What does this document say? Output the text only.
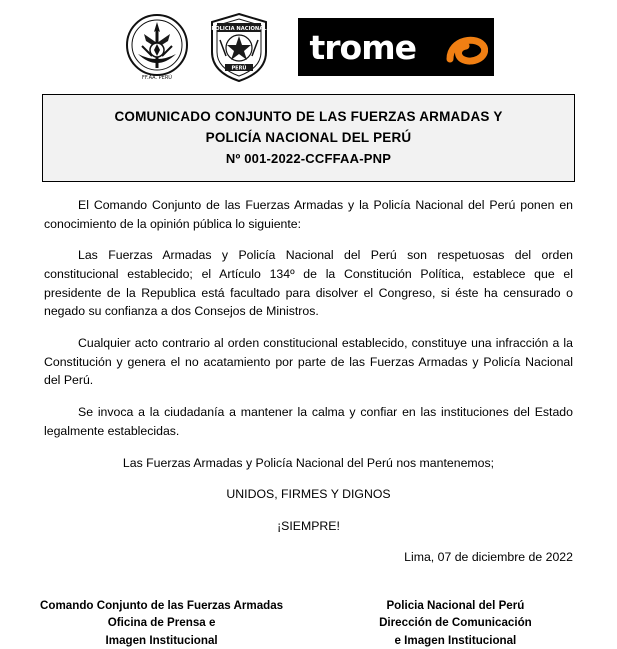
FF.AA. PERÚ
POLICIA NACIONAL
PERÚ
trome
COMUNICADO CONJUNTO DE LAS FUERZAS ARMADAS Y
POLICÍA NACIONAL DEL PERÚ
Nº 001-2022-CCFFAA-PNP

El Comando Conjunto de las Fuerzas Armadas y la Policía Nacional del Perú ponen en conocimiento de la opinión pública lo siguiente:

Las Fuerzas Armadas y Policía Nacional del Perú son respetuosas del orden constitucional establecido; el Artículo 134º de la Constitución Política, establece que el presidente de la Republica está facultado para disolver el Congreso, si éste ha censurado o negado su confianza a dos Consejos de Ministros.

Cualquier acto contrario al orden constitucional establecido, constituye una infracción a la Constitución y genera el no acatamiento por parte de las Fuerzas Armadas y Policía Nacional del Perú.

Se invoca a la ciudadanía a mantener la calma y confiar en las instituciones del Estado legalmente establecidas.

Las Fuerzas Armadas y Policía Nacional del Perú nos mantenemos;

UNIDOS, FIRMES Y DIGNOS

¡SIEMPRE!

Lima, 07 de diciembre de 2022

Comando Conjunto de las Fuerzas Armadas
Oficina de Prensa e
Imagen Institucional
Policia Nacional del Perú
Dirección de Comunicación
e Imagen Institucional
